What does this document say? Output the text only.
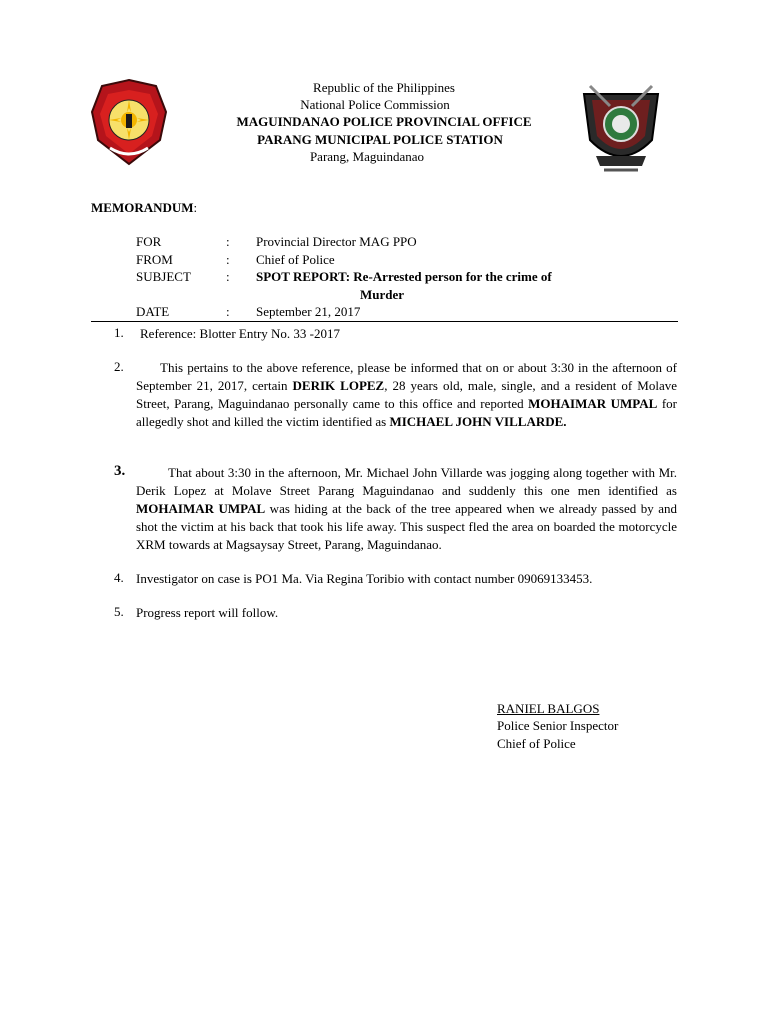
Republic of the Philippines
National Police Commission
MAGUINDANAO POLICE PROVINCIAL OFFICE
PARANG MUNICIPAL POLICE STATION
Parang, Maguindanao
MEMORANDUM:
FOR	: Provincial Director MAG PPO
FROM	: Chief of Police
SUBJECT	: SPOT REPORT: Re-Arrested person for the crime of
Murder
DATE	: September 21, 2017
1. Reference: Blotter Entry No. 33 -2017
2.	This pertains to the above reference, please be informed that on or about 3:30 in the afternoon of September 21, 2017, certain DERIK LOPEZ, 28 years old, male, single, and a resident of Molave Street, Parang, Maguindanao personally came to this office and reported MOHAIMAR UMPAL for allegedly shot and killed the victim identified as MICHAEL JOHN VILLARDE.
3.	That about 3:30 in the afternoon, Mr. Michael John Villarde was jogging along together with Mr. Derik Lopez at Molave Street Parang Maguindanao and suddenly this one men identified as MOHAIMAR UMPAL was hiding at the back of the tree appeared when we already passed by and shot the victim at his back that took his life away. This suspect fled the area on boarded the motorcycle XRM towards at Magsaysay Street, Parang, Maguindanao.
4. Investigator on case is PO1 Ma. Via Regina Toribio with contact number 09069133453.
5. Progress report will follow.
RANIEL BALGOS
Police Senior Inspector
Chief of Police
